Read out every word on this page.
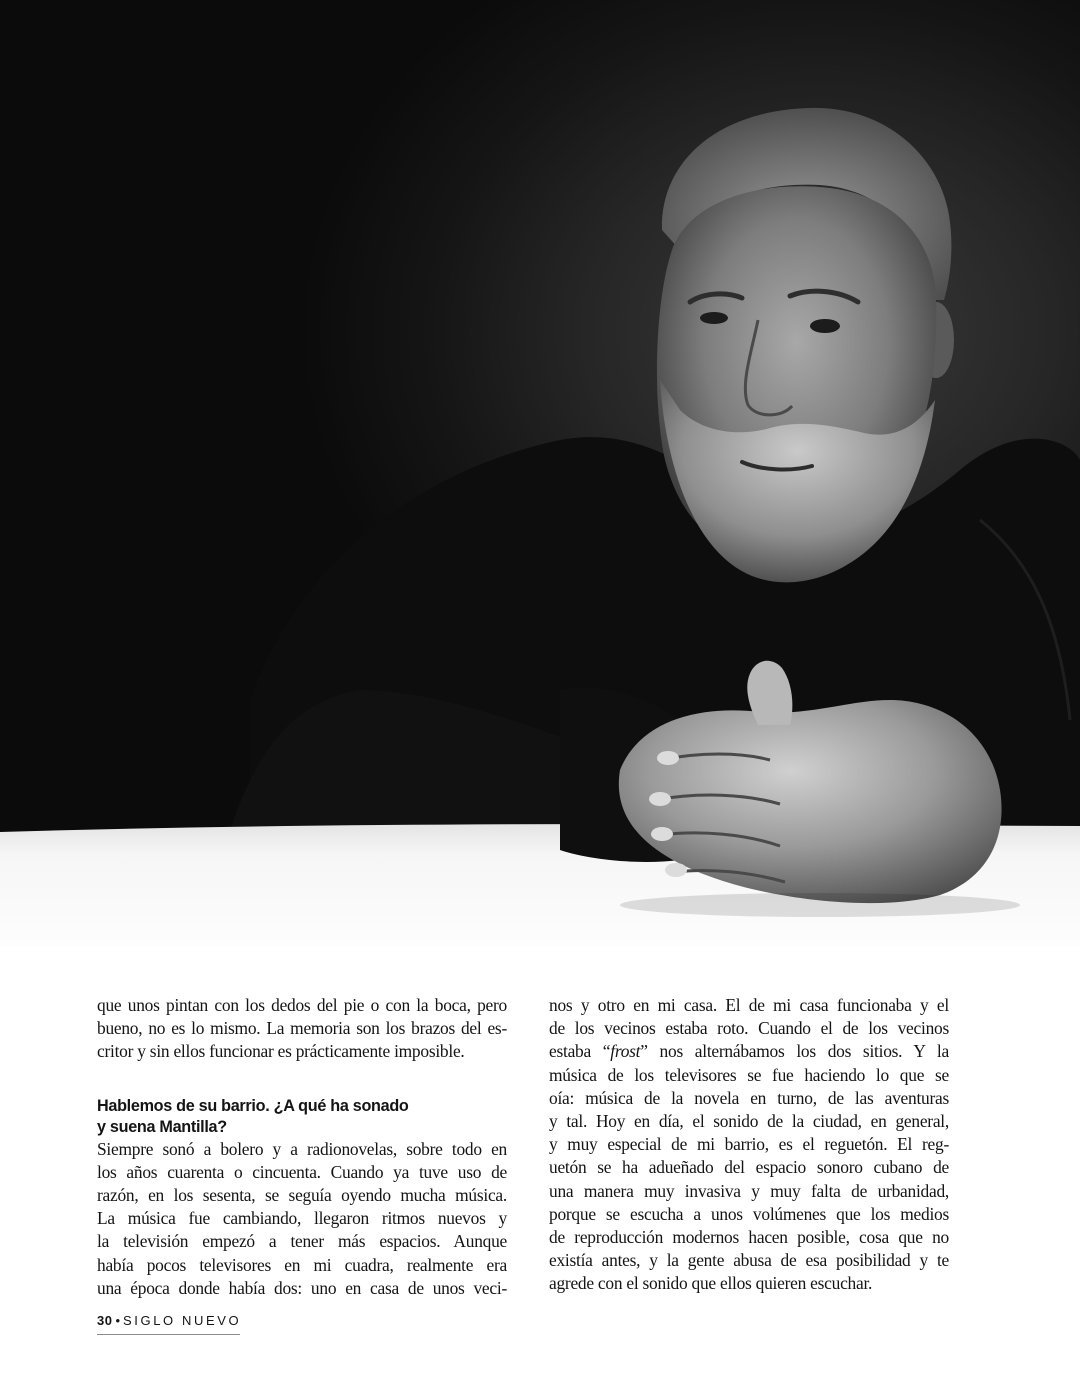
que unos pintan con los dedos del pie o con la boca, pero

bueno, no es lo mismo. La memoria son los brazos del es-

critor y sin ellos funcionar es prácticamente imposible.

Hablemos de su barrio. ¿A qué ha sonado
y suena Mantilla?

Siempre sonó a bolero y a radionovelas, sobre todo en

los años cuarenta o cincuenta. Cuando ya tuve uso de

razón, en los sesenta, se seguía oyendo mucha música.

La música fue cambiando, llegaron ritmos nuevos y

la televisión empezó a tener más espacios. Aunque

había pocos televisores en mi cuadra, realmente era

una época donde había dos: uno en casa de unos veci-

nos y otro en mi casa. El de mi casa funcionaba y el

de los vecinos estaba roto. Cuando el de los vecinos

estaba “frost” nos alternábamos los dos sitios. Y la

música de los televisores se fue haciendo lo que se

oía: música de la novela en turno, de las aventuras

y tal. Hoy en día, el sonido de la ciudad, en general,

y muy especial de mi barrio, es el reguetón. El reg-

uetón se ha adueñado del espacio sonoro cubano de

una manera muy invasiva y muy falta de urbanidad,

porque se escucha a unos volúmenes que los medios

de reproducción modernos hacen posible, cosa que no

existía antes, y la gente abusa de esa posibilidad y te

agrede con el sonido que ellos quieren escuchar.

30 • SIGLO NUEVO
